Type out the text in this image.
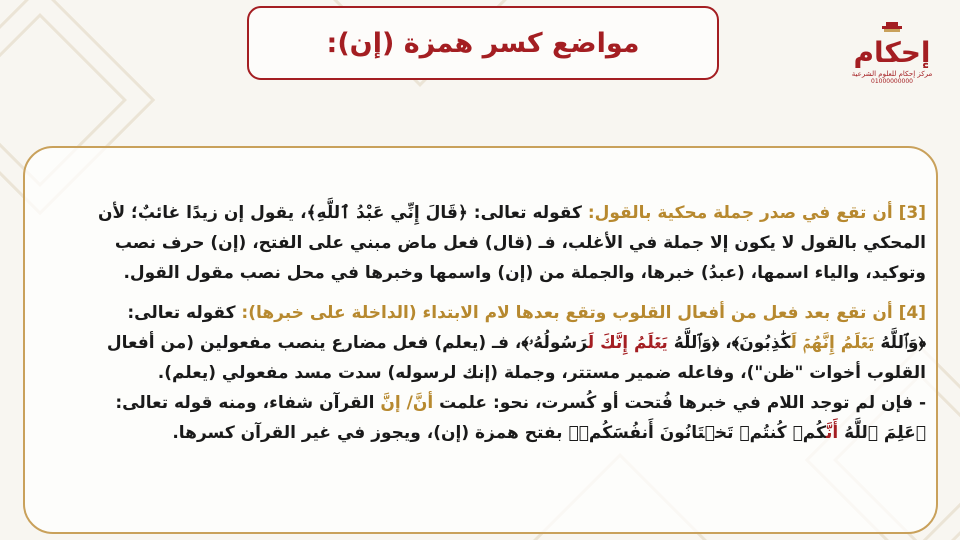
مواضع كسر همزة (إن):	إحكام
مركز إحكام للعلوم الشرعية
01000000000
[3] أن تقع في صدر جملة محكية بالقول: كقوله تعالى: ﴿قَالَ إِنِّي عَبْدُ ٱللَّهِ﴾، يقول إن زيدًا غائبٌ؛ لأن
المحكي بالقول لا يكون إلا جملة في الأغلب، فـ (قال) فعل ماض مبني على الفتح، (إن) حرف نصب
وتوكيد، والياء اسمها، (عبدُ) خبرها، والجملة من (إن) واسمها وخبرها في محل نصب مقول القول.
[4] أن تقع بعد فعل من أفعال القلوب وتقع بعدها لام الابتداء (الداخلة على خبرها): كقوله تعالى:
﴿وَٱللَّهُ يَعۡلَمُ إِنَّهُمۡ لَكَٰذِبُونَ﴾، ﴿وَٱللَّهُ يَعۡلَمُ إِنَّكَ لَرَسُولُهُۥ﴾، فـ (يعلم) فعل مضارع ينصب مفعولين (من أفعال
القلوب أخوات "ظن")، وفاعله ضمير مستتر، وجملة (إنك لرسوله) سدت مسد مفعولي (يعلم).
- فإن لم توجد اللام في خبرها فُتحت أو كُسرت، نحو: علمت أنَّ/ إنَّ القرآن شفاء، ومنه قوله تعالى:
﴿عَلِمَ ٱللَّهُ أَنَّكُمۡ كُنتُمۡ تَخۡتَانُونَ أَنفُسَكُمۡ﴾ بفتح همزة (إن)، ويجوز في غير القرآن كسرها.
